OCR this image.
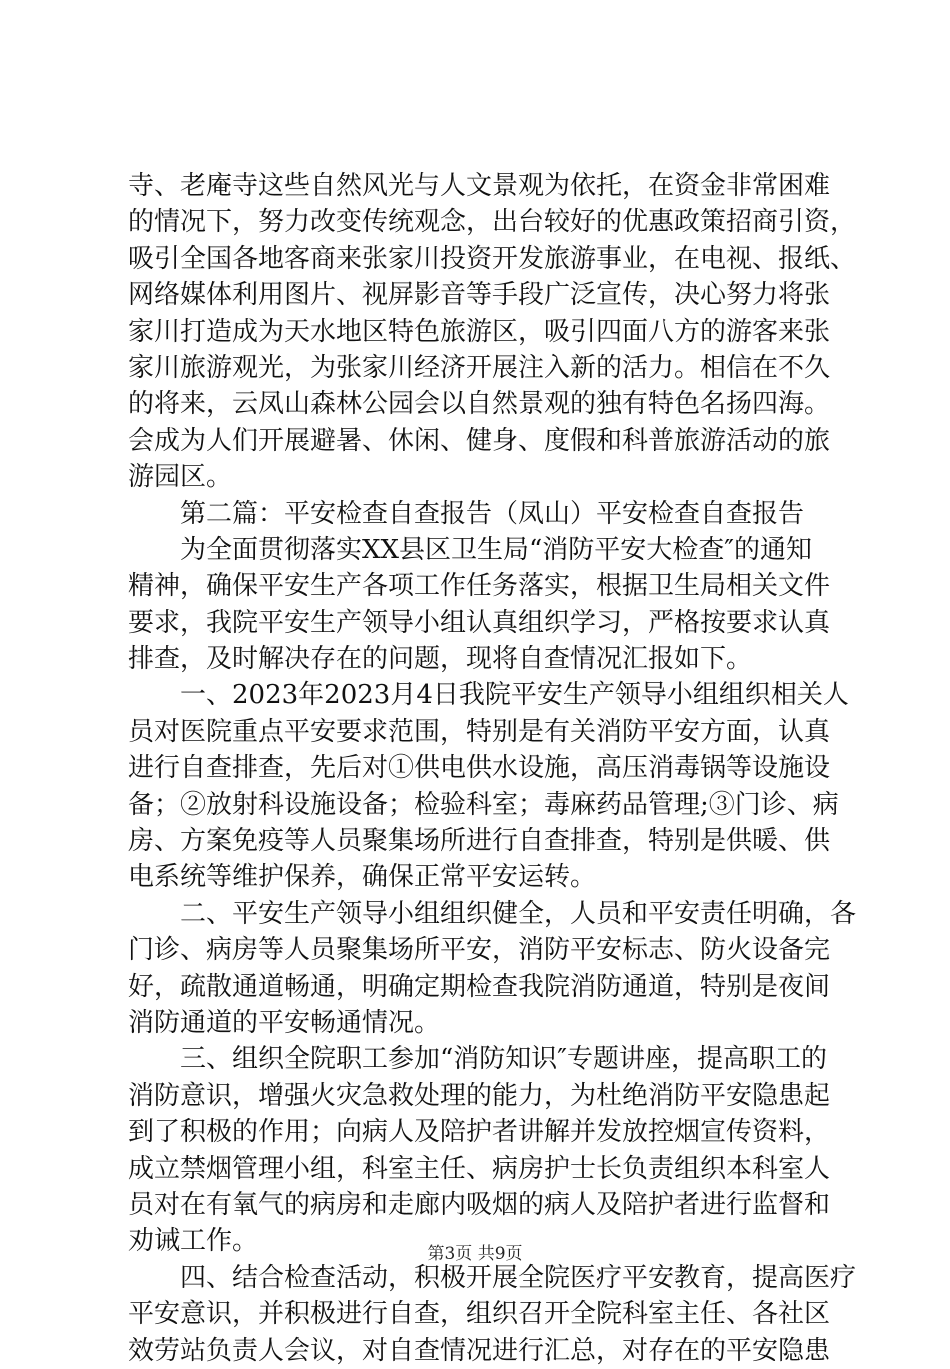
寺、老庵寺这些自然风光与人文景观为依托，在资金非常困难
的情况下，努力改变传统观念，出台较好的优惠政策招商引资，
吸引全国各地客商来张家川投资开发旅游事业，在电视、报纸、
网络媒体利用图片、视屏影音等手段广泛宣传，决心努力将张
家川打造成为天水地区特色旅游区，吸引四面八方的游客来张
家川旅游观光，为张家川经济开展注入新的活力。相信在不久
的将来，云凤山森林公园会以自然景观的独有特色名扬四海。
会成为人们开展避暑、休闲、健身、度假和科普旅游活动的旅
游园区。
　　第二篇：平安检查自查报告（凤山）平安检查自查报告
　　为全面贯彻落实XX县区卫生局“消防平安大检查″的通知
精神，确保平安生产各项工作任务落实，根据卫生局相关文件
要求，我院平安生产领导小组认真组织学习，严格按要求认真
排查，及时解决存在的问题，现将自查情况汇报如下。
　　一、2023年2023月4日我院平安生产领导小组组织相关人
员对医院重点平安要求范围，特别是有关消防平安方面，认真
进行自查排查，先后对①供电供水设施，高压消毒锅等设施设
备；②放射科设施设备；检验科室；毒麻药品管理;③门诊、病
房、方案免疫等人员聚集场所进行自查排查，特别是供暖、供
电系统等维护保养，确保正常平安运转。
　　二、平安生产领导小组组织健全，人员和平安责任明确，各
门诊、病房等人员聚集场所平安，消防平安标志、防火设备完
好，疏散通道畅通，明确定期检查我院消防通道，特别是夜间
消防通道的平安畅通情况。
　　三、组织全院职工参加“消防知识″专题讲座，提高职工的
消防意识，增强火灾急救处理的能力，为杜绝消防平安隐患起
到了积极的作用；向病人及陪护者讲解并发放控烟宣传资料，
成立禁烟管理小组，科室主任、病房护士长负责组织本科室人
员对在有氧气的病房和走廊内吸烟的病人及陪护者进行监督和
劝诫工作。
　　四、结合检查活动，积极开展全院医疗平安教育，提高医疗
平安意识，并积极进行自查，组织召开全院科室主任、各社区
效劳站负责人会议，对自查情况进行汇总，对存在的平安隐患
第3页 共9页
